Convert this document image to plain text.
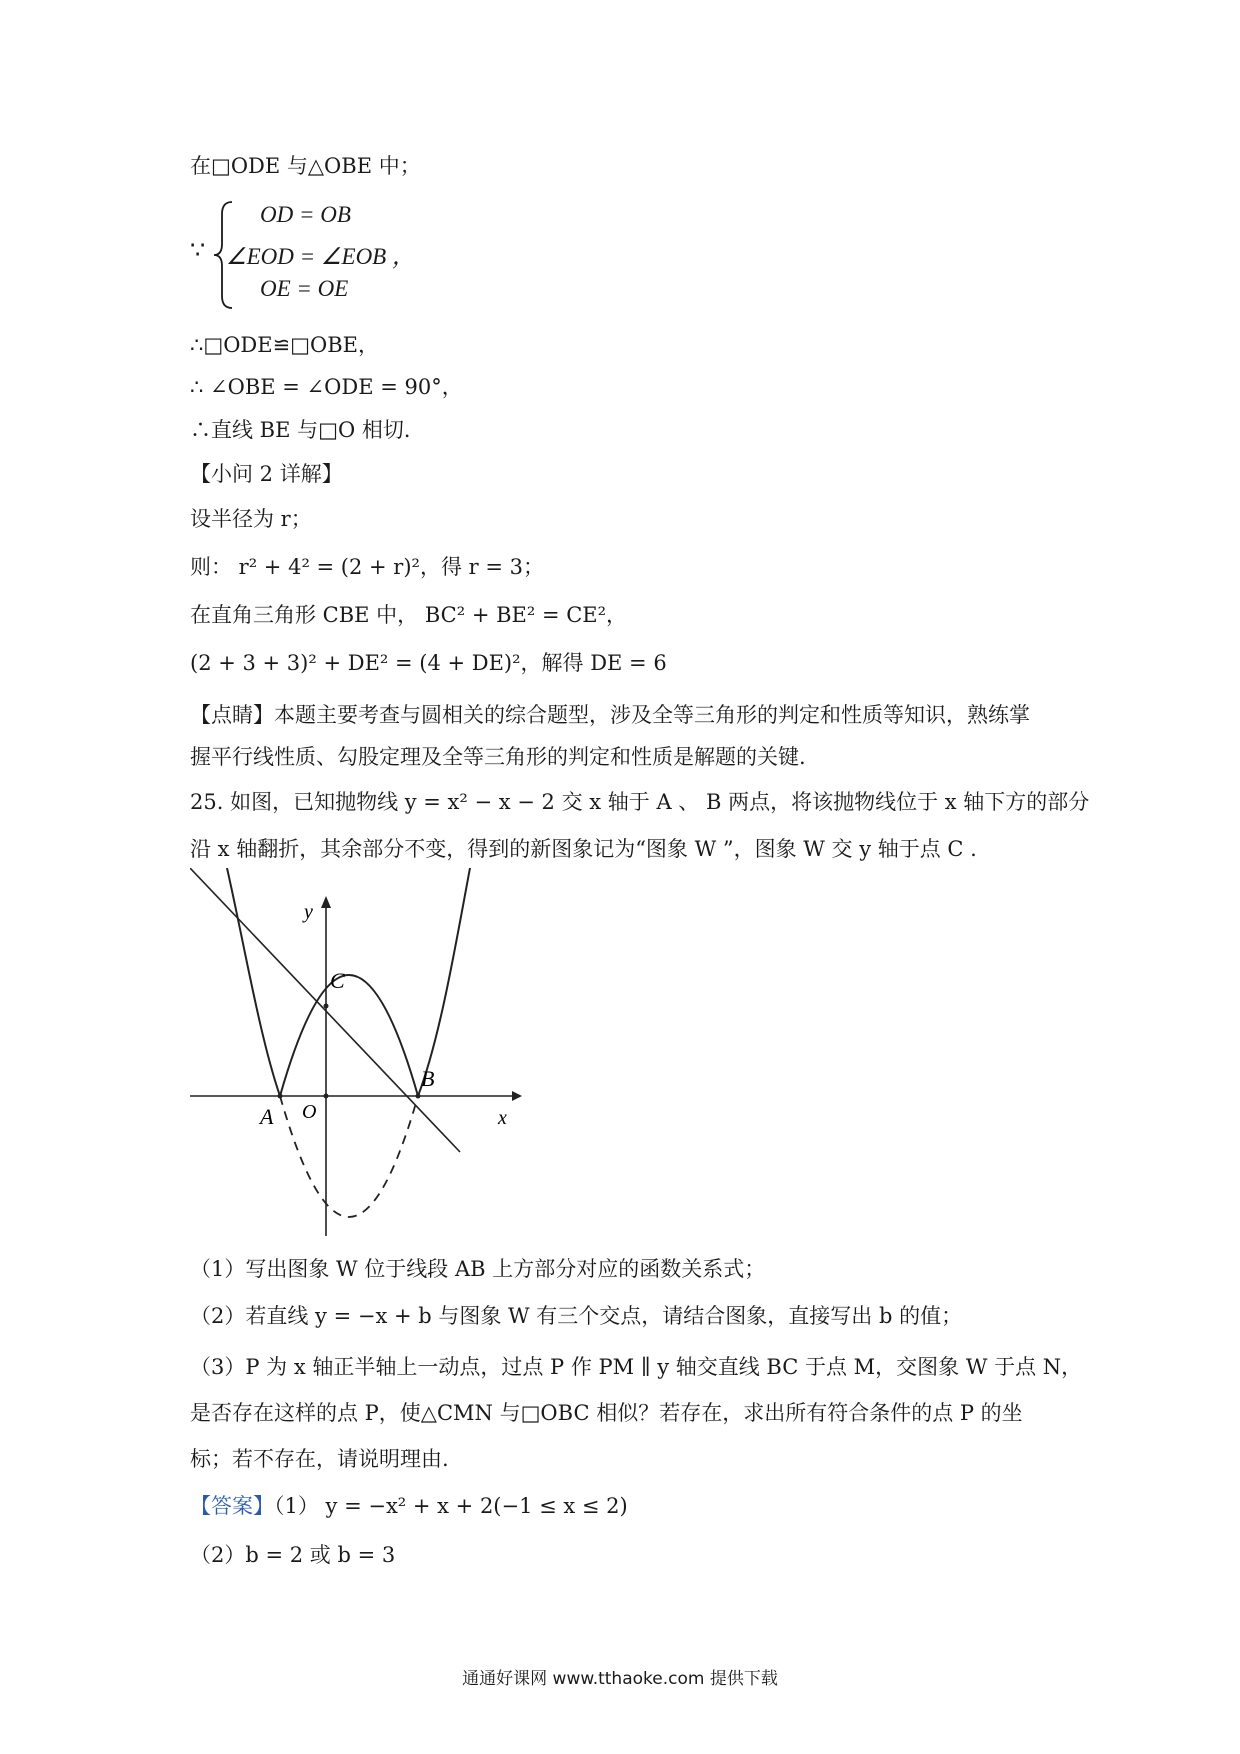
在□ODE 与△OBE 中；
∵
OD = OB
∠EOD = ∠EOB ，
OE = OE
∴□ODE≌□OBE，
∴ ∠OBE = ∠ODE = 90°，
∴直线 BE 与□O 相切．
【小问 2 详解】
设半径为 r；
则： r² + 4² = (2 + r)²，得 r = 3；
在直角三角形 CBE 中， BC² + BE² = CE²，
(2 + 3 + 3)² + DE² = (4 + DE)²，解得 DE = 6
【点睛】本题主要考查与圆相关的综合题型，涉及全等三角形的判定和性质等知识，熟练掌
握平行线性质、勾股定理及全等三角形的判定和性质是解题的关键.
25. 如图，已知抛物线 y = x² − x − 2 交 x 轴于 A 、 B 两点，将该抛物线位于 x 轴下方的部分
沿 x 轴翻折，其余部分不变，得到的新图象记为“图象 W ”，图象 W 交 y 轴于点 C .
y
x
C
B
A O
（1）写出图象 W 位于线段 AB 上方部分对应的函数关系式；
（2）若直线 y = −x + b 与图象 W 有三个交点，请结合图象，直接写出 b 的值；
（3）P 为 x 轴正半轴上一动点，过点 P 作 PM ∥ y 轴交直线 BC 于点 M，交图象 W 于点 N，
是否存在这样的点 P，使△CMN 与□OBC 相似？若存在，求出所有符合条件的点 P 的坐
标；若不存在，请说明理由.
【答案】（1） y = −x² + x + 2(−1 ≤ x ≤ 2)
（2）b = 2 或 b = 3
通通好课网 www.tthaoke.com 提供下载
